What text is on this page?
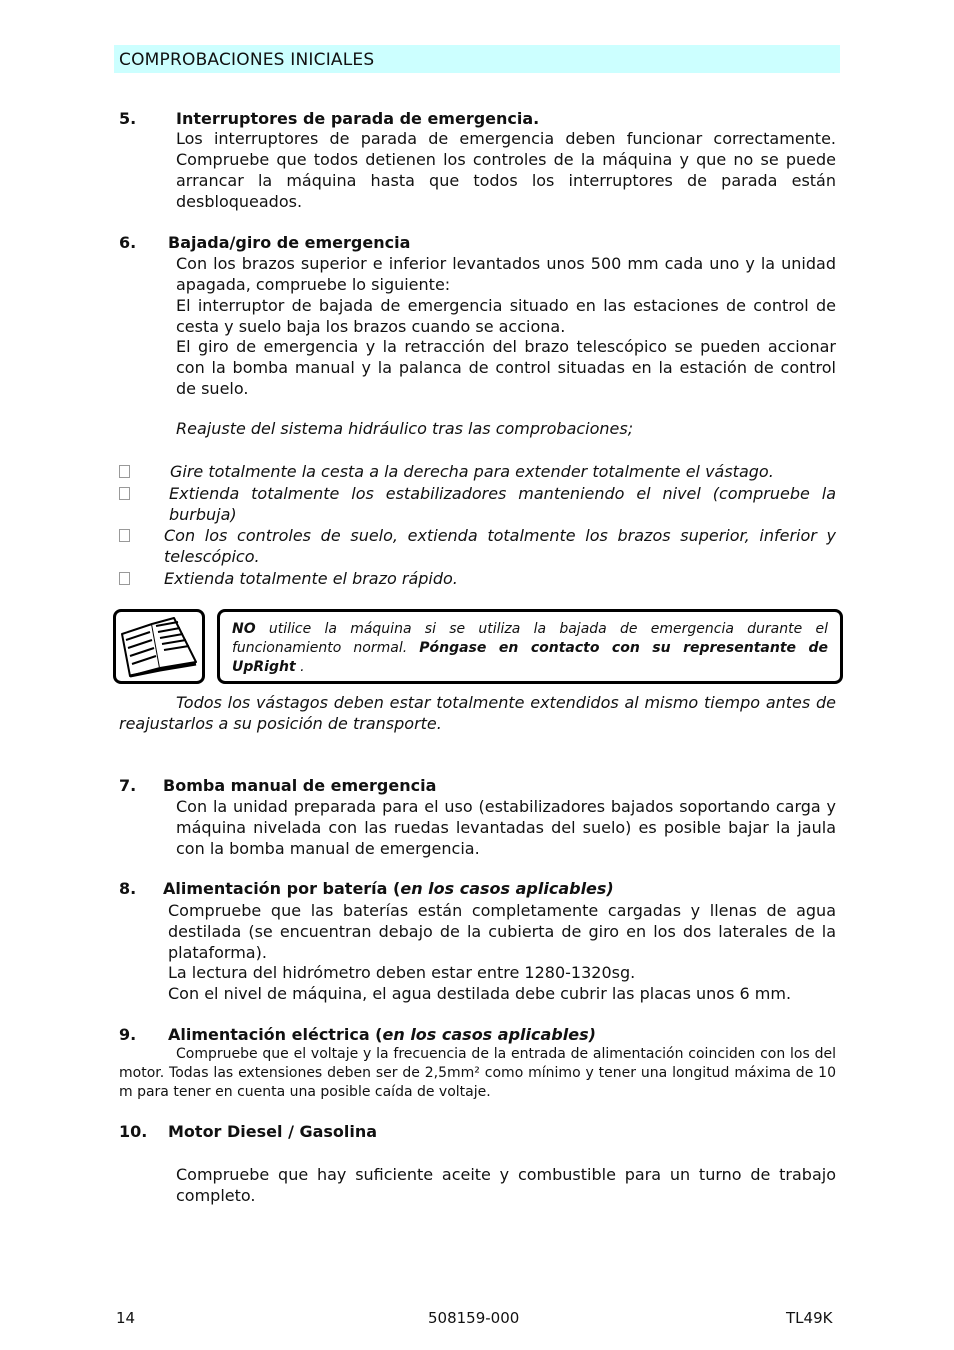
COMPROBACIONES INICIALES
5. Interruptores de parada de emergencia.
Los interruptores de parada de emergencia deben funcionar correctamente. Compruebe que todos detienen los controles de la máquina y que no se puede arrancar la máquina hasta que todos los interruptores de parada están desbloqueados.
6. Bajada/giro de emergencia
Con los brazos superior e inferior levantados unos 500 mm cada uno y la unidad apagada, compruebe lo siguiente:
El interruptor de bajada de emergencia situado en las estaciones de control de cesta y suelo baja los brazos cuando se acciona.
El giro de emergencia y la retracción del brazo telescópico se pueden accionar con la bomba manual y la palanca de control situadas en la estación de control de suelo.
Reajuste del sistema hidráulico tras las comprobaciones;
Gire totalmente la cesta a la derecha para extender totalmente el vástago.
Extienda totalmente los estabilizadores manteniendo el nivel (compruebe la burbuja)
Con los controles de suelo, extienda totalmente los brazos superior, inferior y telescópico.
Extienda totalmente el brazo rápido.
NO utilice la máquina si se utiliza la bajada de emergencia durante el funcionamiento normal. Póngase en contacto con su representante de UpRight .
Todos los vástagos deben estar totalmente extendidos al mismo tiempo antes de reajustarlos a su posición de transporte.
7. Bomba manual de emergencia
Con la unidad preparada para el uso (estabilizadores bajados soportando carga y máquina nivelada con las ruedas levantadas del suelo) es posible bajar la jaula con la bomba manual de emergencia.
8. Alimentación por batería (en los casos aplicables)
Compruebe que las baterías están completamente cargadas y llenas de agua destilada (se encuentran debajo de la cubierta de giro en los dos laterales de la plataforma).
La lectura del hidrómetro deben estar entre 1280-1320sg.
Con el nivel de máquina, el agua destilada debe cubrir las placas unos 6 mm.
9. Alimentación eléctrica (en los casos aplicables)
Compruebe que el voltaje y la frecuencia de la entrada de alimentación coinciden con los del motor. Todas las extensiones deben ser de 2,5mm² como mínimo y tener una longitud máxima de 10 m para tener en cuenta una posible caída de voltaje.
10. Motor Diesel / Gasolina
Compruebe que hay suficiente aceite y combustible para un turno de trabajo completo.
14	508159-000	TL49K
